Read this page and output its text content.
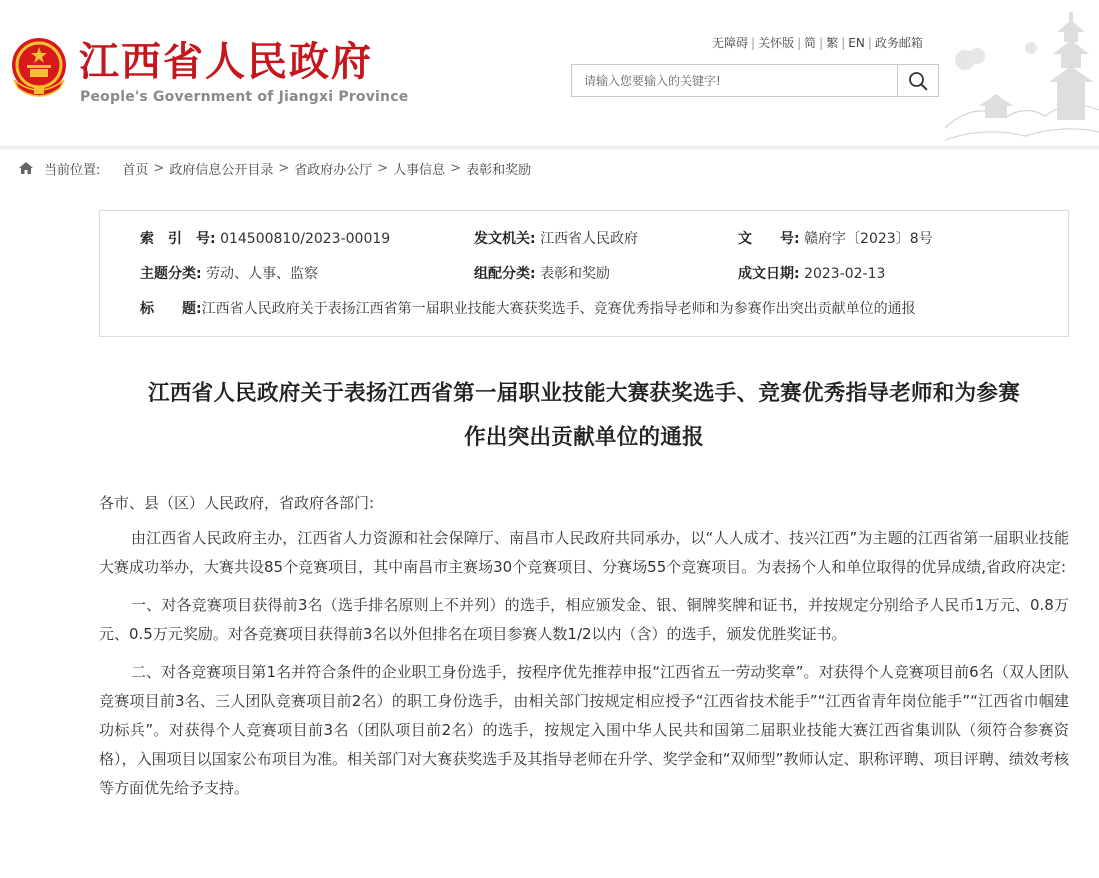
江西省人民政府
People's Government of Jiangxi Province
无障碍 | 关怀版 | 简 | 繁 | EN | 政务邮箱
请输入您要输入的关键字!
当前位置: 首页 > 政府信息公开目录 > 省政府办公厅 > 人事信息 > 表彰和奖励
索　引　号: 014500810/2023-00019	发文机关: 江西省人民政府	文　　号: 赣府字〔2023〕8号
主题分类: 劳动、人事、监察	组配分类: 表彰和奖励	成文日期: 2023-02-13
标　　题:江西省人民政府关于表扬江西省第一届职业技能大赛获奖选手、竞赛优秀指导老师和为参赛作出突出贡献单位的通报
江西省人民政府关于表扬江西省第一届职业技能大赛获奖选手、竞赛优秀指导老师和为参赛
作出突出贡献单位的通报

各市、县（区）人民政府，省政府各部门:

由江西省人民政府主办，江西省人力资源和社会保障厅、南昌市人民政府共同承办，以“人人成才、技兴江西”为主题的江西省第一届职业技能大赛成功举办，大赛共设85个竞赛项目，其中南昌市主赛场30个竞赛项目、分赛场55个竞赛项目。为表扬个人和单位取得的优异成绩,省政府决定:

一、对各竞赛项目获得前3名（选手排名原则上不并列）的选手，相应颁发金、银、铜牌奖牌和证书，并按规定分别给予人民币1万元、0.8万元、0.5万元奖励。对各竞赛项目获得前3名以外但排名在项目参赛人数1/2以内（含）的选手，颁发优胜奖证书。

二、对各竞赛项目第1名并符合条件的企业职工身份选手，按程序优先推荐申报“江西省五一劳动奖章”。对获得个人竞赛项目前6名（双人团队竞赛项目前3名、三人团队竞赛项目前2名）的职工身份选手，由相关部门按规定相应授予“江西省技术能手”“江西省青年岗位能手”“江西省巾帼建功标兵”。对获得个人竞赛项目前3名（团队项目前2名）的选手，按规定入围中华人民共和国第二届职业技能大赛江西省集训队（须符合参赛资格），入围项目以国家公布项目为准。相关部门对大赛获奖选手及其指导老师在升学、奖学金和“双师型”教师认定、职称评聘、项目评聘、绩效考核等方面优先给予支持。
